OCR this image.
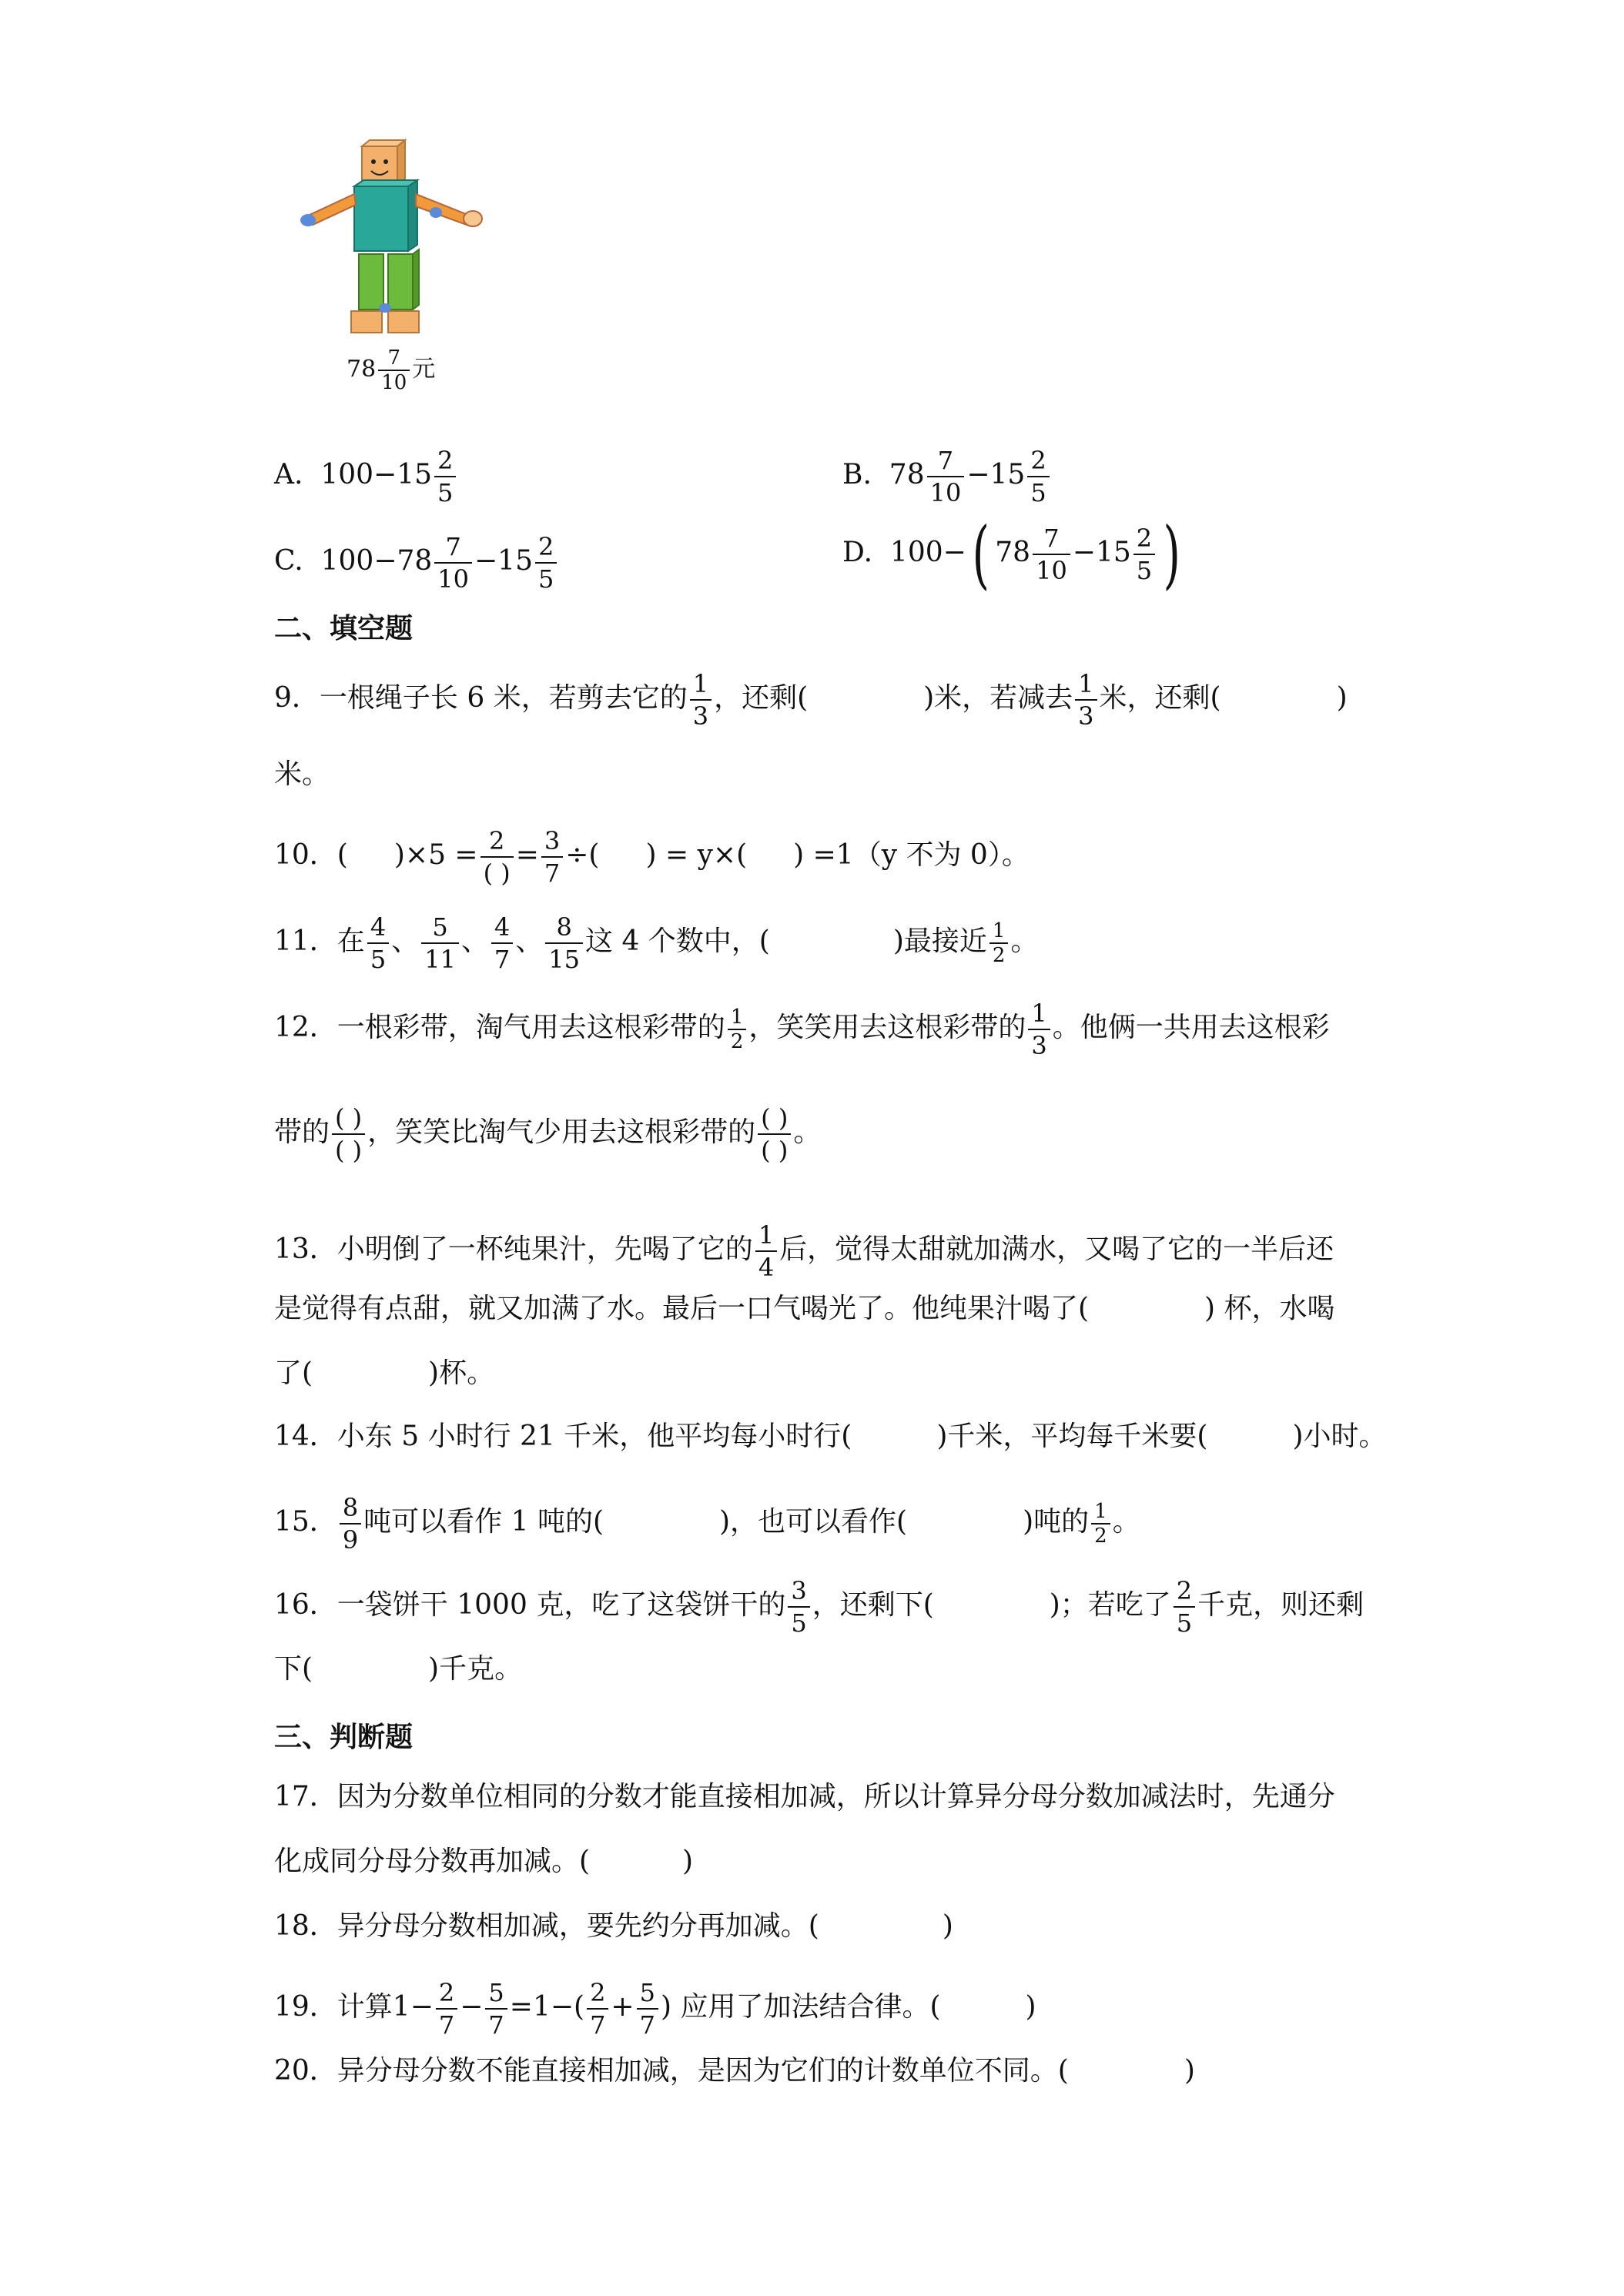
$78 \frac{7}{10}$ 元
A. $100-15 \frac{2}{5}$	B. $78 \frac{7}{10} -15 \frac{2}{5}$
C. $100-78 \frac{7}{10} -15 \frac{2}{5}$	D. 100−( $78 \frac{7}{10} -15 \frac{2}{5}$ )
二、填空题
9．一根绳子长 6 米，若剪去它的 $\frac{1}{3}$ ，还剩(	)米，若减去 $\frac{1}{3}$ 米，还剩(	)
米。
10．( )$\times 5 = \frac{2}{( )} = \frac{3}{7}$ ÷( ) = y×( ) =1（y 不为 0）。
11．在 $\frac{4}{5}$ 、 $\frac{5}{11}$ 、 $\frac{4}{7}$ 、 $\frac{8}{15}$ 这 4 个数中，(	)最接近 $\frac{1}{2}$ 。
12．一根彩带，淘气用去这根彩带的 $\frac{1}{2}$ ，笑笑用去这根彩带的 $\frac{1}{3}$ 。他俩一共用去这根彩
带的 $\frac{( )}{( )}$ ，笑笑比淘气少用去这根彩带的 $\frac{( )}{( )}$ 。
13．小明倒了一杯纯果汁，先喝了它的 $\frac{1}{4}$ 后，觉得太甜就加满水，又喝了它的一半后还
是觉得有点甜，就又加满了水。最后一口气喝光了。他纯果汁喝了(	) 杯，水喝
了(	)杯。
14．小东 5 小时行 21 千米，他平均每小时行(	)千米，平均每千米要(	)小时。
15． $\frac{8}{9}$ 吨可以看作 1 吨的(	)，也可以看作(	)吨的 $\frac{1}{2}$ 。
16．一袋饼干 1000 克，吃了这袋饼干的 $\frac{3}{5}$ ，还剩下(	)；若吃了 $\frac{2}{5}$ 千克，则还剩
下(	)千克。
三、判断题
17．因为分数单位相同的分数才能直接相加减，所以计算异分母分数加减法时，先通分
化成同分母分数再加减。(	)
18．异分母分数相加减，要先约分再加减。(	)
19．计算$1- \frac{2}{7} - \frac{5}{7} =1-( \frac{2}{7} + \frac{5}{7}$ ) 应用了加法结合律。(	)
20．异分母分数不能直接相加减，是因为它们的计数单位不同。(	)
